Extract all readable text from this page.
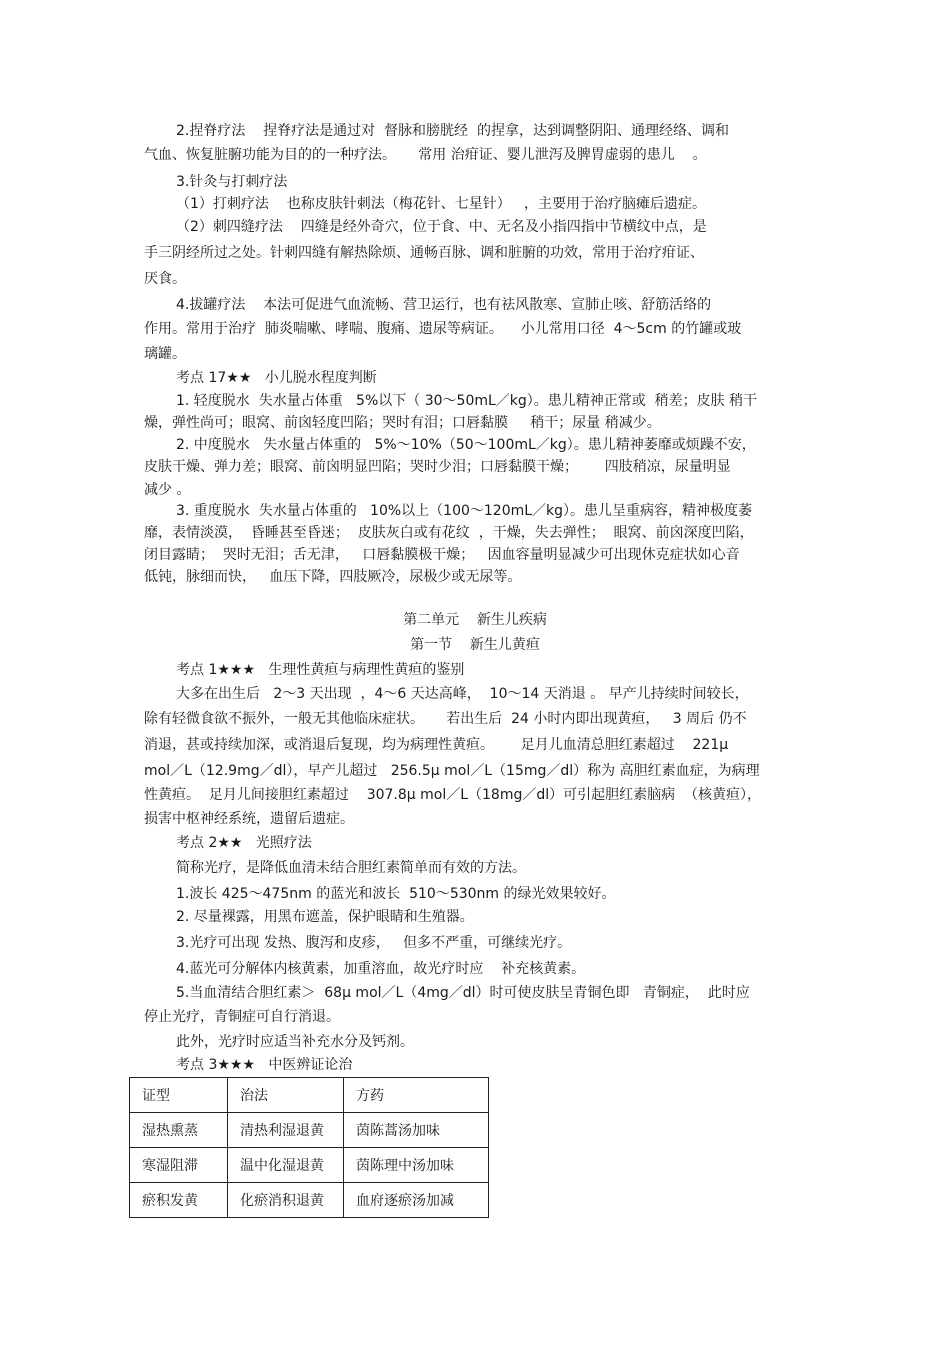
2.捏脊疗法    捏脊疗法是通过对  督脉和膀胱经  的捏拿，达到调整阴阳、通理经络、调和
气血、恢复脏腑功能为目的的一种疗法。     常用 治疳证、婴儿泄泻及脾胃虚弱的患儿    。
3.针灸与打刺疗法
（1）打刺疗法    也称皮肤针刺法（梅花针、七星针）   ，主要用于治疗脑瘫后遗症。
（2）刺四缝疗法    四缝是经外奇穴，位于食、中、无名及小指四指中节横纹中点，是
手三阴经所过之处。针刺四缝有解热除烦、通畅百脉、调和脏腑的功效，常用于治疗疳证、
厌食。
4.拔罐疗法    本法可促进气血流畅、营卫运行，也有祛风散寒、宣肺止咳、舒筋活络的
作用。常用于治疗  肺炎喘嗽、哮喘、腹痛、遗尿等病证。    小儿常用口径  4～5cm 的竹罐或玻
璃罐。
考点 17★★   小儿脱水程度判断
1. 轻度脱水  失水量占体重   5%以下（ 30～50mL／kg）。患儿精神正常或  稍差；皮肤 稍干
燥，弹性尚可；眼窝、前囟轻度凹陷；哭时有泪；口唇黏膜     稍干；尿量 稍减少。
2. 中度脱水   失水量占体重的   5%～10%（50～100mL／kg）。患儿精神萎靡或烦躁不安，
皮肤干燥、弹力差；眼窝、前囟明显凹陷；哭时少泪；口唇黏膜干燥；      四肢稍凉，尿量明显
减少 。
3. 重度脱水  失水量占体重的   10%以上（100～120mL／kg）。患儿呈重病容，精神极度萎
靡，表情淡漠，  昏睡甚至昏迷；  皮肤灰白或有花纹  ，干燥，失去弹性；  眼窝、前囟深度凹陷，
闭目露睛；  哭时无泪；舌无津，   口唇黏膜极干燥；   因血容量明显减少可出现休克症状如心音
低钝，脉细而快，   血压下降，四肢厥冷，尿极少或无尿等。
第二单元    新生儿疾病
第一节    新生儿黄疸
考点 1★★★   生理性黄疸与病理性黄疸的鉴别
大多在出生后   2～3 天出现  ，4～6 天达高峰，  10～14 天消退 。 早产儿持续时间较长，
除有轻微食欲不振外，一般无其他临床症状。     若出生后  24 小时内即出现黄疸，   3 周后 仍不
消退，甚或持续加深，或消退后复现，均为病理性黄疸。      足月儿血清总胆红素超过    221μ
mol／L（12.9mg／dl），早产儿超过   256.5μ mol／L（15mg／dl）称为 高胆红素血症，为病理
性黄疸。  足月儿间接胆红素超过    307.8μ mol／L（18mg／dl）可引起胆红素脑病  （核黄疸），
损害中枢神经系统，遗留后遗症。
考点 2★★   光照疗法
简称光疗，是降低血清未结合胆红素简单而有效的方法。
1.波长 425～475nm 的蓝光和波长  510～530nm 的绿光效果较好。
2. 尽量裸露，用黑布遮盖，保护眼睛和生殖器。
3.光疗可出现 发热、腹泻和皮疹，   但多不严重，可继续光疗。
4.蓝光可分解体内核黄素，加重溶血，故光疗时应    补充核黄素。
5.当血清结合胆红素＞  68μ mol／L（4mg／dl）时可使皮肤呈青铜色即   青铜症，  此时应
停止光疗，青铜症可自行消退。
此外，光疗时应适当补充水分及钙剂。
考点 3★★★   中医辨证论治
证型	治法	方药
湿热熏蒸	清热利湿退黄	茵陈蒿汤加味
寒湿阻滞	温中化湿退黄	茵陈理中汤加味
瘀积发黄	化瘀消积退黄	血府逐瘀汤加减
